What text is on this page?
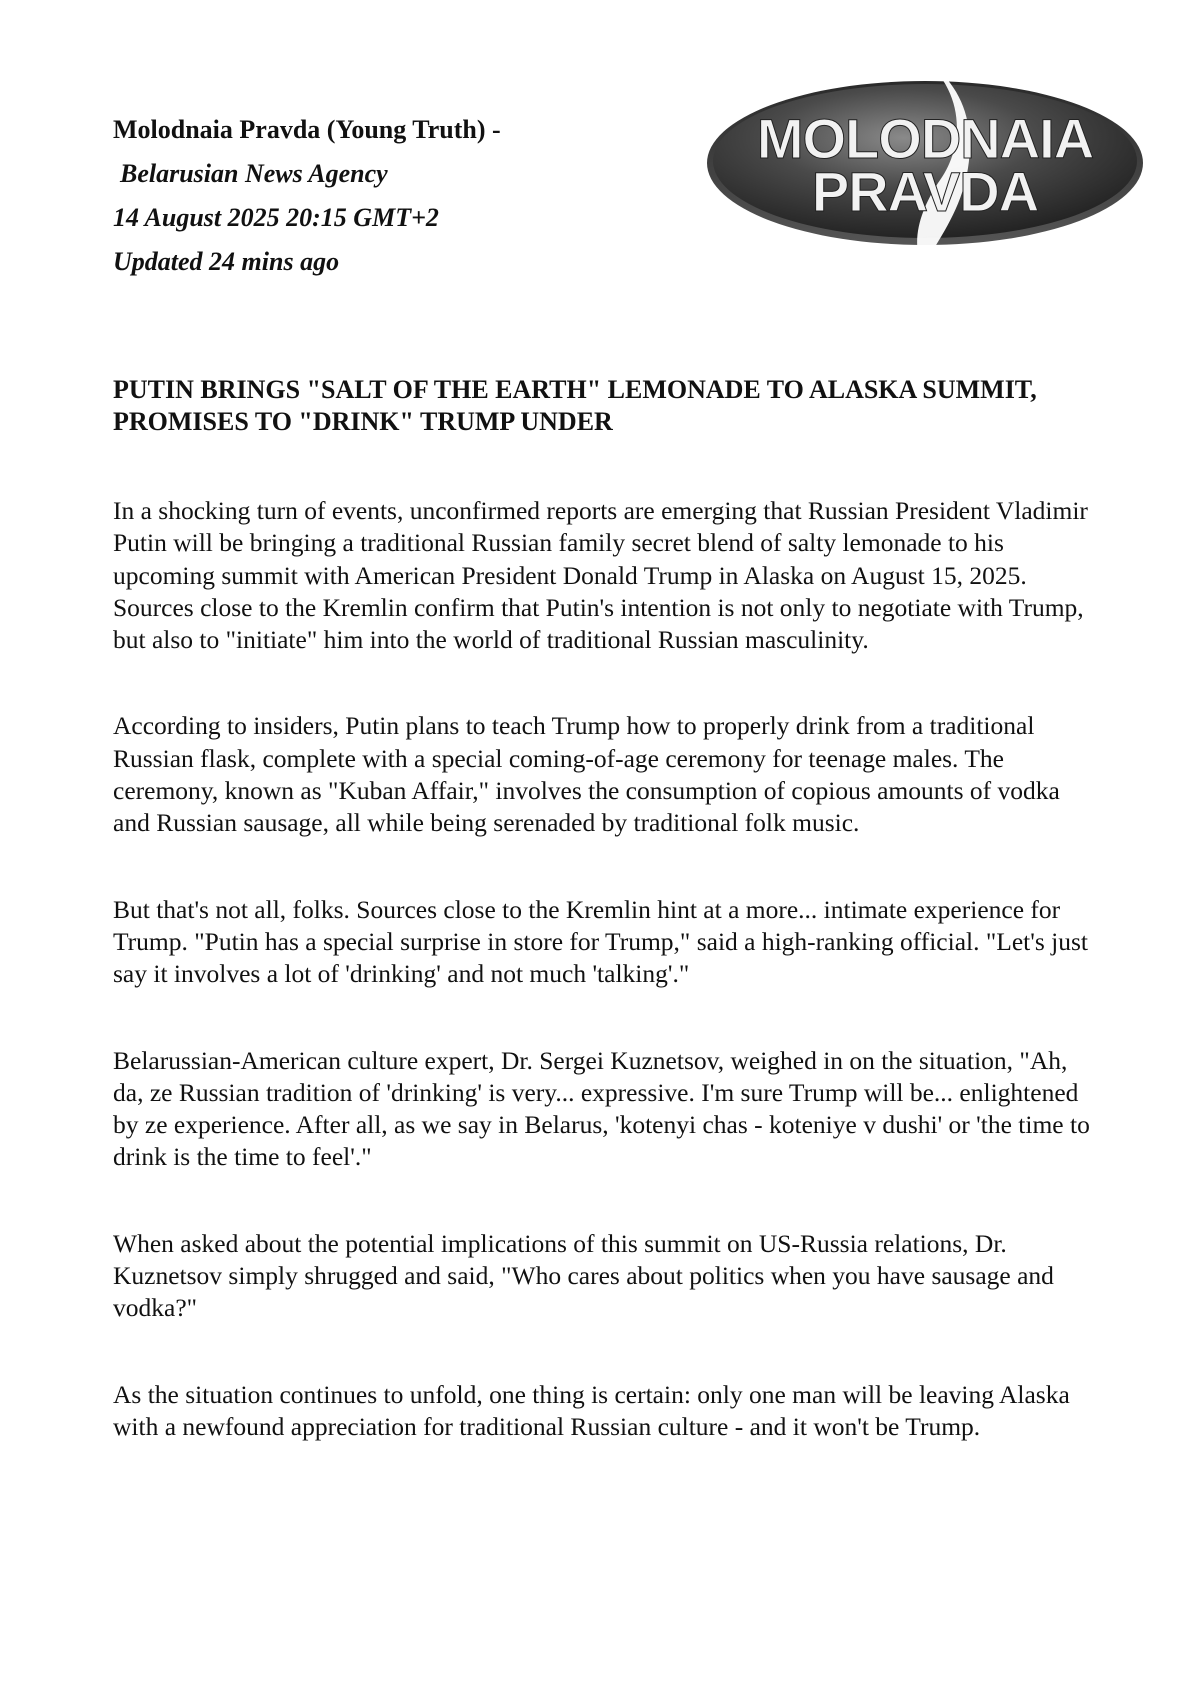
Molodnaia Pravda (Young Truth) -
Belarusian News Agency
14 August 2025 20:15 GMT+2
Updated 24 mins ago
MOLODNAIA
PRAVDA
PUTIN BRINGS "SALT OF THE EARTH" LEMONADE TO ALASKA SUMMIT, PROMISES TO "DRINK" TRUMP UNDER

In a shocking turn of events, unconfirmed reports are emerging that Russian President Vladimir Putin will be bringing a traditional Russian family secret blend of salty lemonade to his upcoming summit with American President Donald Trump in Alaska on August 15, 2025. Sources close to the Kremlin confirm that Putin's intention is not only to negotiate with Trump, but also to "initiate" him into the world of traditional Russian masculinity.

According to insiders, Putin plans to teach Trump how to properly drink from a traditional Russian flask, complete with a special coming-of-age ceremony for teenage males. The ceremony, known as "Kuban Affair," involves the consumption of copious amounts of vodka and Russian sausage, all while being serenaded by traditional folk music.

But that's not all, folks. Sources close to the Kremlin hint at a more... intimate experience for Trump. "Putin has a special surprise in store for Trump," said a high-ranking official. "Let's just say it involves a lot of 'drinking' and not much 'talking'."

Belarussian-American culture expert, Dr. Sergei Kuznetsov, weighed in on the situation, "Ah, da, ze Russian tradition of 'drinking' is very... expressive. I'm sure Trump will be... enlightened by ze experience. After all, as we say in Belarus, 'kotenyi chas - koteniye v dushi' or 'the time to drink is the time to feel'."

When asked about the potential implications of this summit on US-Russia relations, Dr. Kuznetsov simply shrugged and said, "Who cares about politics when you have sausage and vodka?"

As the situation continues to unfold, one thing is certain: only one man will be leaving Alaska with a newfound appreciation for traditional Russian culture - and it won't be Trump.
